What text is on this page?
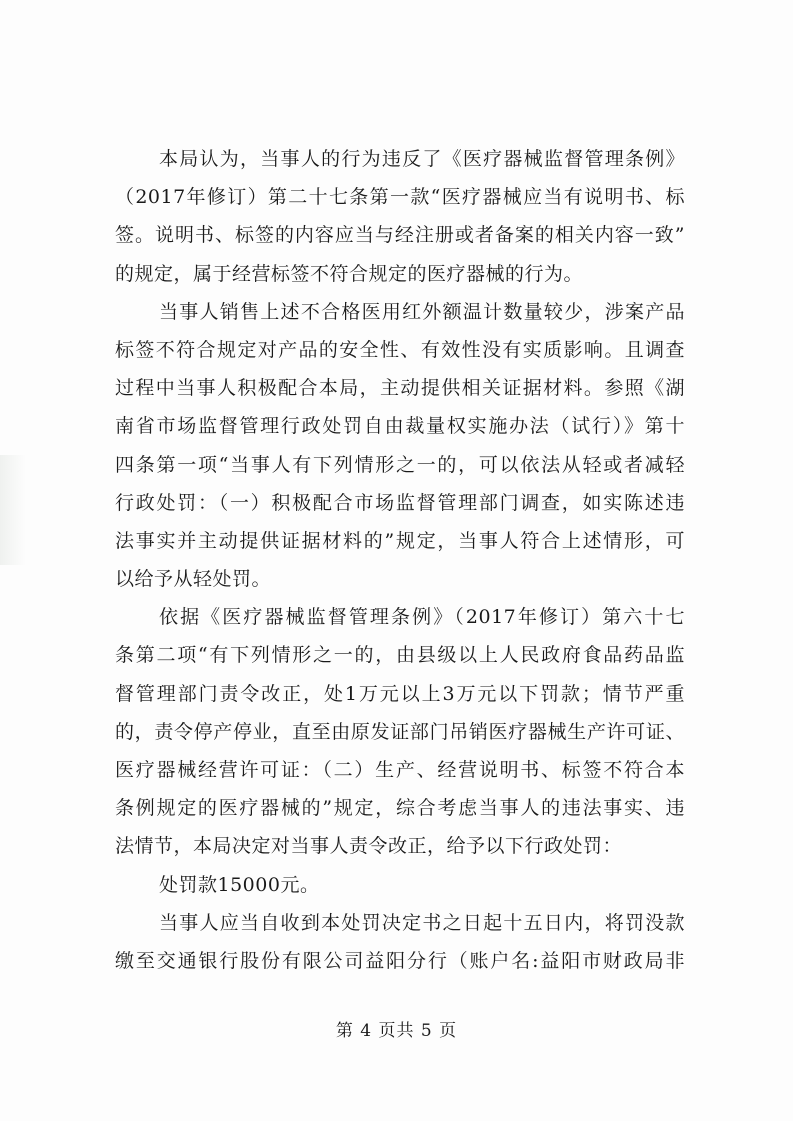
本局认为，当事人的行为违反了《医疗器械监督管理条例》
（2017年修订）第二十七条第一款“医疗器械应当有说明书、标
签。说明书、标签的内容应当与经注册或者备案的相关内容一致”
的规定，属于经营标签不符合规定的医疗器械的行为。
当事人销售上述不合格医用红外额温计数量较少，涉案产品
标签不符合规定对产品的安全性、有效性没有实质影响。且调查
过程中当事人积极配合本局，主动提供相关证据材料。参照《湖
南省市场监督管理行政处罚自由裁量权实施办法（试行）》第十
四条第一项“当事人有下列情形之一的，可以依法从轻或者减轻
行政处罚：（一）积极配合市场监督管理部门调查，如实陈述违
法事实并主动提供证据材料的”规定，当事人符合上述情形，可
以给予从轻处罚。
依据《医疗器械监督管理条例》（2017年修订）第六十七
条第二项“有下列情形之一的，由县级以上人民政府食品药品监
督管理部门责令改正，处1万元以上3万元以下罚款；情节严重
的，责令停产停业，直至由原发证部门吊销医疗器械生产许可证、
医疗器械经营许可证：（二）生产、经营说明书、标签不符合本
条例规定的医疗器械的”规定，综合考虑当事人的违法事实、违
法情节，本局决定对当事人责令改正，给予以下行政处罚：
处罚款15000元。
当事人应当自收到本处罚决定书之日起十五日内，将罚没款
缴至交通银行股份有限公司益阳分行（账户名:益阳市财政局非
第 4 页共 5 页
